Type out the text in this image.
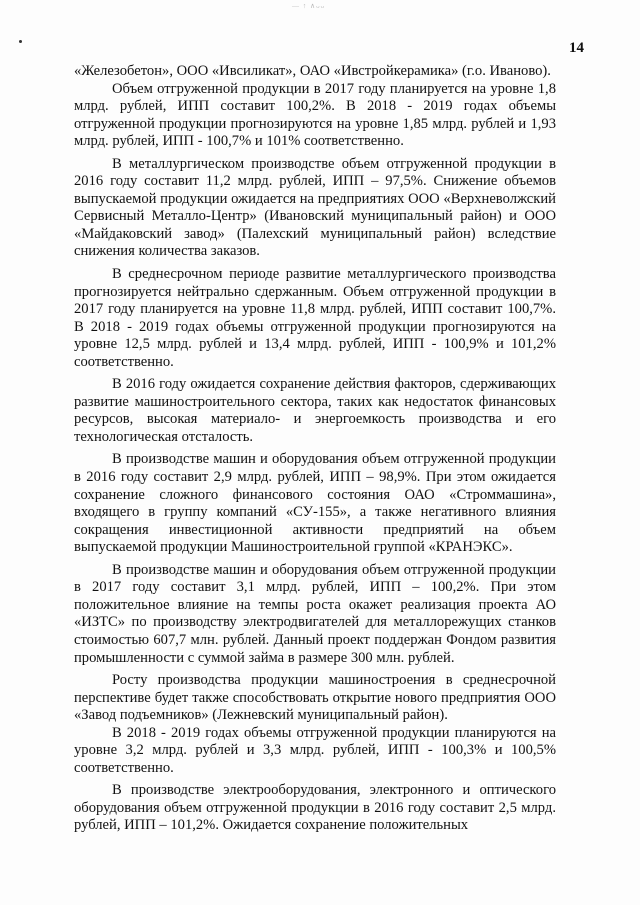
— ↑ ∧ᴗᴗ
14

«Железобетон», ООО «Ивсиликат», ОАО «Ивстройкерамика» (г.о. Иваново).

Объем отгруженной продукции в 2017 году планируется на уровне 1,8 млрд. рублей, ИПП составит 100,2%. В 2018 - 2019 годах объемы отгруженной продукции прогнозируются на уровне 1,85 млрд. рублей и 1,93 млрд. рублей, ИПП - 100,7% и 101% соответственно.

В металлургическом производстве объем отгруженной продукции в 2016 году составит 11,2 млрд. рублей, ИПП – 97,5%. Снижение объемов выпускаемой продукции ожидается на предприятиях ООО «Верхневолжский Сервисный Металло-Центр» (Ивановский муниципальный район) и ООО «Майдаковский завод» (Палехский муниципальный район) вследствие снижения количества заказов.

В среднесрочном периоде развитие металлургического производства прогнозируется нейтрально сдержанным. Объем отгруженной продукции в 2017 году планируется на уровне 11,8 млрд. рублей, ИПП составит 100,7%. В 2018 - 2019 годах объемы отгруженной продукции прогнозируются на уровне 12,5 млрд. рублей и 13,4 млрд. рублей, ИПП - 100,9% и 101,2% соответственно.

В 2016 году ожидается сохранение действия факторов, сдерживающих развитие машиностроительного сектора, таких как недостаток финансовых ресурсов, высокая материало- и энергоемкость производства и его технологическая отсталость.

В производстве машин и оборудования объем отгруженной продукции в 2016 году составит 2,9 млрд. рублей, ИПП – 98,9%. При этом ожидается сохранение сложного финансового состояния ОАО «Строммашина», входящего в группу компаний «СУ-155», а также негативного влияния сокращения инвестиционной активности предприятий на объем выпускаемой продукции Машиностроительной группой «КРАНЭКС».

В производстве машин и оборудования объем отгруженной продукции в 2017 году составит 3,1 млрд. рублей, ИПП – 100,2%. При этом положительное влияние на темпы роста окажет реализация проекта АО «ИЗТС» по производству электродвигателей для металлорежущих станков стоимостью 607,7 млн. рублей. Данный проект поддержан Фондом развития промышленности с суммой займа в размере 300 млн. рублей.

Росту производства продукции машиностроения в среднесрочной перспективе будет также способствовать открытие нового предприятия ООО «Завод подъемников» (Лежневский муниципальный район).

В 2018 - 2019 годах объемы отгруженной продукции планируются на уровне 3,2 млрд. рублей и 3,3 млрд. рублей, ИПП - 100,3% и 100,5% соответственно.

В производстве электрооборудования, электронного и оптического оборудования объем отгруженной продукции в 2016 году составит 2,5 млрд. рублей, ИПП – 101,2%. Ожидается сохранение положительных
